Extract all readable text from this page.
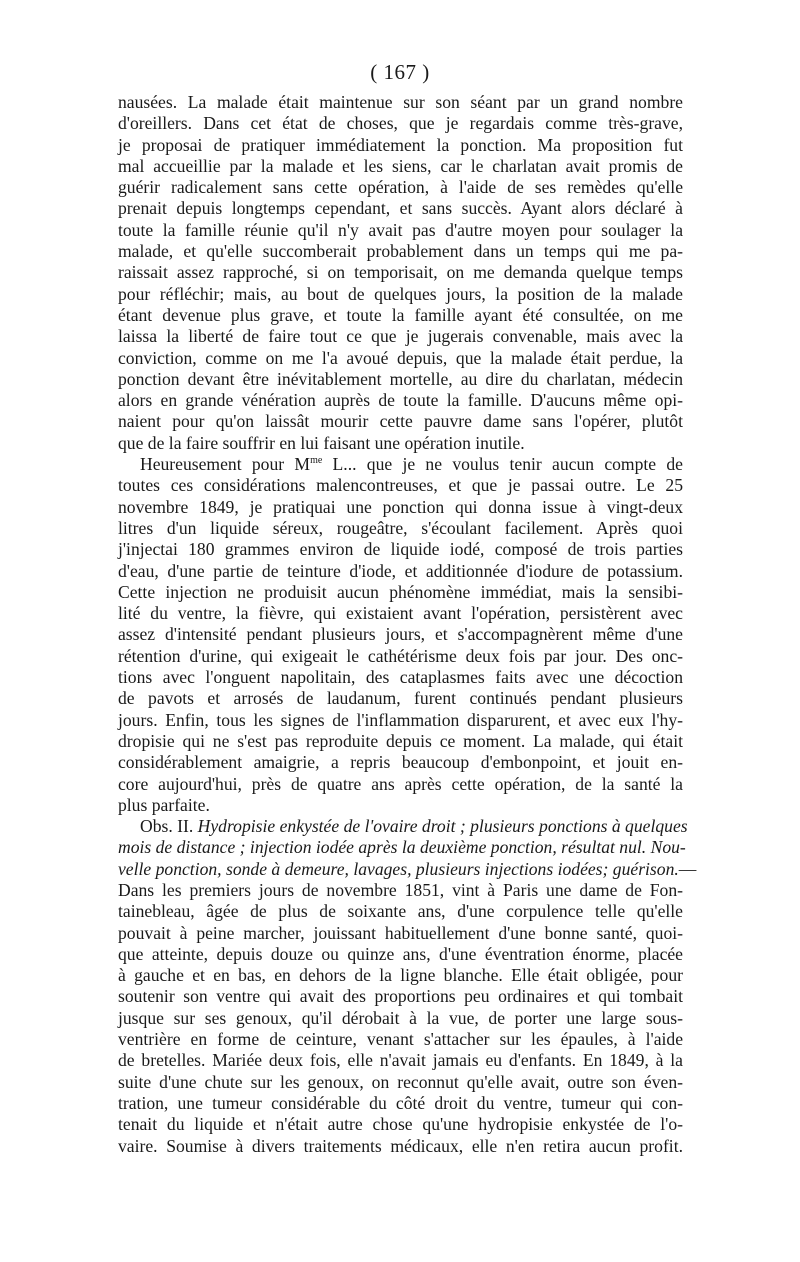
( 167 )
nausées. La malade était maintenue sur son séant par un grand nombre
d'oreillers. Dans cet état de choses, que je regardais comme très-grave,
je proposai de pratiquer immédiatement la ponction. Ma proposition fut
mal accueillie par la malade et les siens, car le charlatan avait promis de
guérir radicalement sans cette opération, à l'aide de ses remèdes qu'elle
prenait depuis longtemps cependant, et sans succès. Ayant alors déclaré à
toute la famille réunie qu'il n'y avait pas d'autre moyen pour soulager la
malade, et qu'elle succomberait probablement dans un temps qui me pa-
raissait assez rapproché, si on temporisait, on me demanda quelque temps
pour réfléchir; mais, au bout de quelques jours, la position de la malade
étant devenue plus grave, et toute la famille ayant été consultée, on me
laissa la liberté de faire tout ce que je jugerais convenable, mais avec la
conviction, comme on me l'a avoué depuis, que la malade était perdue, la
ponction devant être inévitablement mortelle, au dire du charlatan, médecin
alors en grande vénération auprès de toute la famille. D'aucuns même opi-
naient pour qu'on laissât mourir cette pauvre dame sans l'opérer, plutôt
que de la faire souffrir en lui faisant une opération inutile.
Heureusement pour $M^{me}$ L... que je ne voulus tenir aucun compte de
toutes ces considérations malencontreuses, et que je passai outre. Le 25
novembre 1849, je pratiquai une ponction qui donna issue à vingt-deux
litres d'un liquide séreux, rougeâtre, s'écoulant facilement. Après quoi
j'injectai 180 grammes environ de liquide iodé, composé de trois parties
d'eau, d'une partie de teinture d'iode, et additionnée d'iodure de potassium.
Cette injection ne produisit aucun phénomène immédiat, mais la sensibi-
lité du ventre, la fièvre, qui existaient avant l'opération, persistèrent avec
assez d'intensité pendant plusieurs jours, et s'accompagnèrent même d'une
rétention d'urine, qui exigeait le cathétérisme deux fois par jour. Des onc-
tions avec l'onguent napolitain, des cataplasmes faits avec une décoction
de pavots et arrosés de laudanum, furent continués pendant plusieurs
jours. Enfin, tous les signes de l'inflammation disparurent, et avec eux l'hy-
dropisie qui ne s'est pas reproduite depuis ce moment. La malade, qui était
considérablement amaigrie, a repris beaucoup d'embonpoint, et jouit en-
core aujourd'hui, près de quatre ans après cette opération, de la santé la
plus parfaite.
Obs. II. Hydropisie enkystée de l'ovaire droit ; plusieurs ponctions à quelques
mois de distance ; injection iodée après la deuxième ponction, résultat nul. Nou-
velle ponction, sonde à demeure, lavages, plusieurs injections iodées; guérison.—
Dans les premiers jours de novembre 1851, vint à Paris une dame de Fon-
tainebleau, âgée de plus de soixante ans, d'une corpulence telle qu'elle
pouvait à peine marcher, jouissant habituellement d'une bonne santé, quoi-
que atteinte, depuis douze ou quinze ans, d'une éventration énorme, placée
à gauche et en bas, en dehors de la ligne blanche. Elle était obligée, pour
soutenir son ventre qui avait des proportions peu ordinaires et qui tombait
jusque sur ses genoux, qu'il dérobait à la vue, de porter une large sous-
ventrière en forme de ceinture, venant s'attacher sur les épaules, à l'aide
de bretelles. Mariée deux fois, elle n'avait jamais eu d'enfants. En 1849, à la
suite d'une chute sur les genoux, on reconnut qu'elle avait, outre son éven-
tration, une tumeur considérable du côté droit du ventre, tumeur qui con-
tenait du liquide et n'était autre chose qu'une hydropisie enkystée de l'o-
vaire. Soumise à divers traitements médicaux, elle n'en retira aucun profit.
